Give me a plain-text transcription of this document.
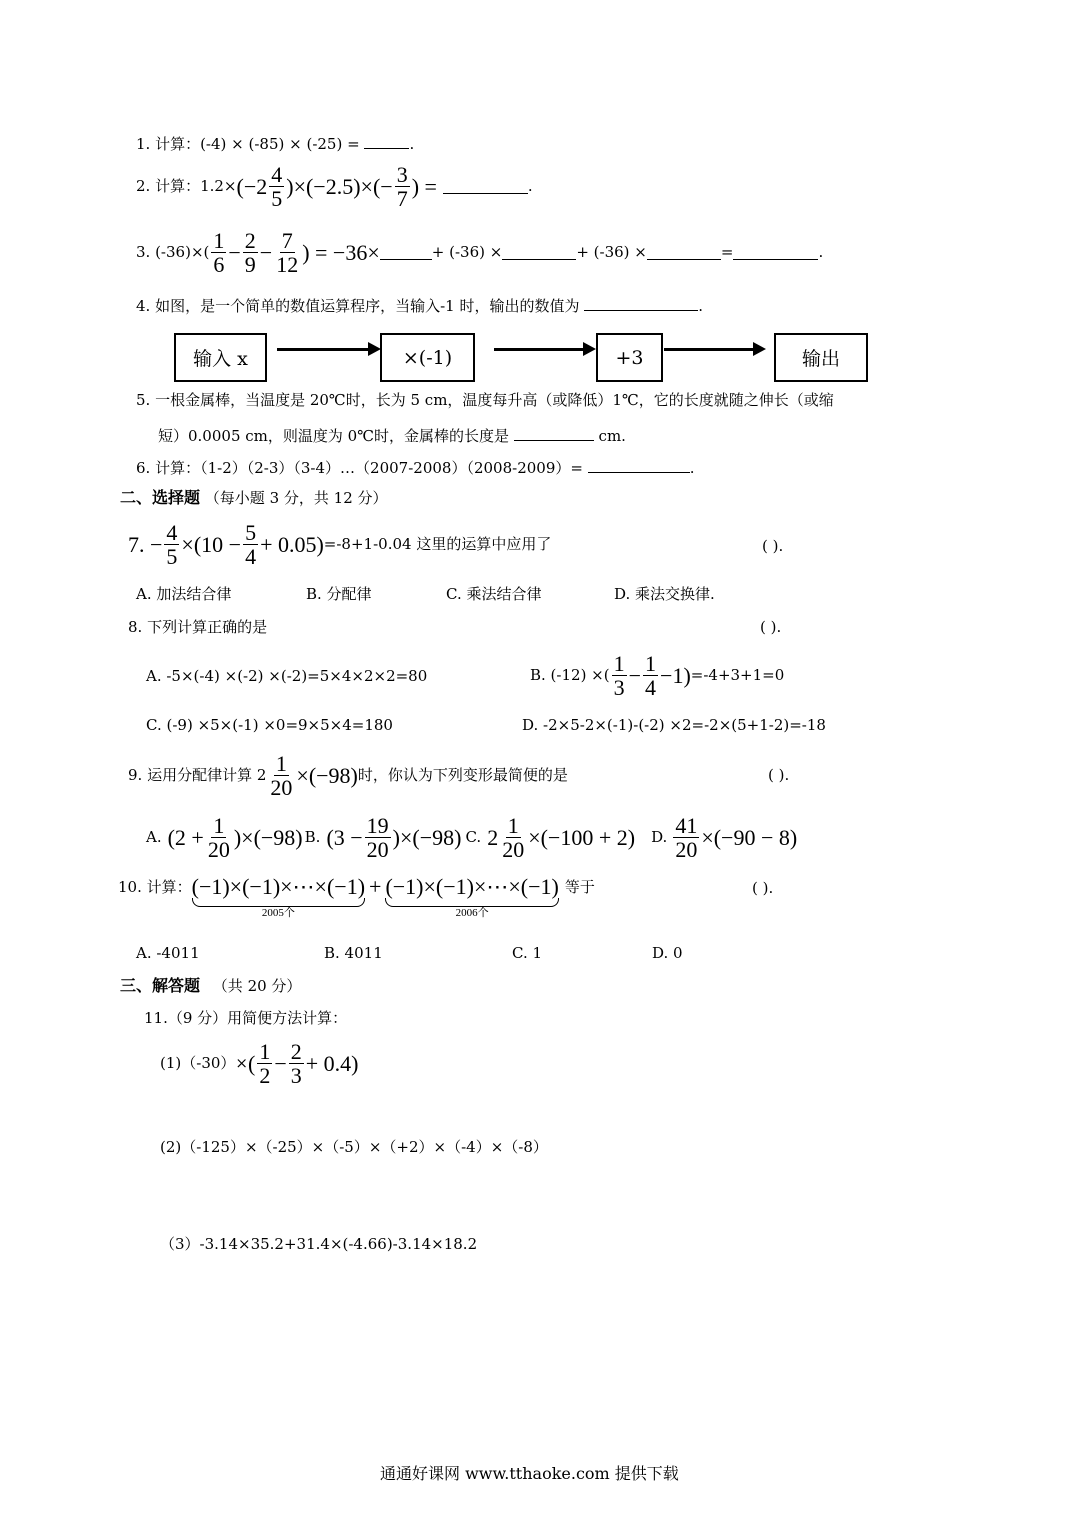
1. 计算：(-4) × (-85) × (-25) =	.
2. 计算：$1.2\times (-2 \frac{4}{5} )\times(-2.5)\times(- \frac{3}{7}$ ) =	.
3. $(-36)\times( \frac{1}{6} - \frac{2}{9} - \frac{7}{12}$ ) = −36×	+ (-36) ×	+ (-36) ×	=	.
4. 如图，是一个简单的数值运算程序，当输入-1 时，输出的数值为	.
输入 x	×(-1)	+3	输出
5. 一根金属棒，当温度是 20℃时，长为 5 cm，温度每升高（或降低）1℃，它的长度就随之伸长（或缩
短）0.0005 cm，则温度为 0℃时，金属棒的长度是	cm.
6. 计算：（1-2）（2-3）（3-4）…（2007-2008）（2008-2009）=	.
二、选择题 （每小题 3 分，共 12 分）
7. − $\frac{4}{5} \times(10 - \frac{5}{4} + 0.05) =-8+1-0.04$ 这里的运算中应用了	( ).
A. 加法结合律	B. 分配律	C. 乘法结合律	D. 乘法交换律.
8. 下列计算正确的是	( ).
A. -5×(-4) ×(-2) ×(-2)=5×4×2×2=80	B. (-12) ×( $\frac{1}{3} - \frac{1}{4} -1) =-4+3+1=0$
C. (-9) ×5×(-1) ×0=9×5×4=180	D. -2×5-2×(-1)-(-2) ×2=-2×(5+1-2)=-18
9. 运用分配律计算 $2 \frac{1}{20} \times(-98)$ 时，你认为下列变形最简便的是	( ).
A. $(2 + \frac{1}{20} )\times(-98)$ B. $(3 - \frac{19}{20} )\times(-98)$ C. $2 \frac{1}{20} \times(-100 + 2)$ D. $\frac{41}{20} \times(-90 - 8)$
10. 计算： (−1)×(−1)×⋯×(−1)
2005个
+ (−1)×(−1)×⋯×(−1)
2006个
等于	( ).
A. -4011	B. 4011	C. 1	D. 0
三、解答题 （共 20 分）
11.（9 分）用简便方法计算：
(1)（-30）× ( $\frac{1}{2} - \frac{2}{3} + 0.4$)
(2)（-125）×（-25）×（-5）×（+2）×（-4）×（-8）
（3）-3.14×35.2+31.4×(-4.66)-3.14×18.2
通通好课网 www.tthaoke.com 提供下载
